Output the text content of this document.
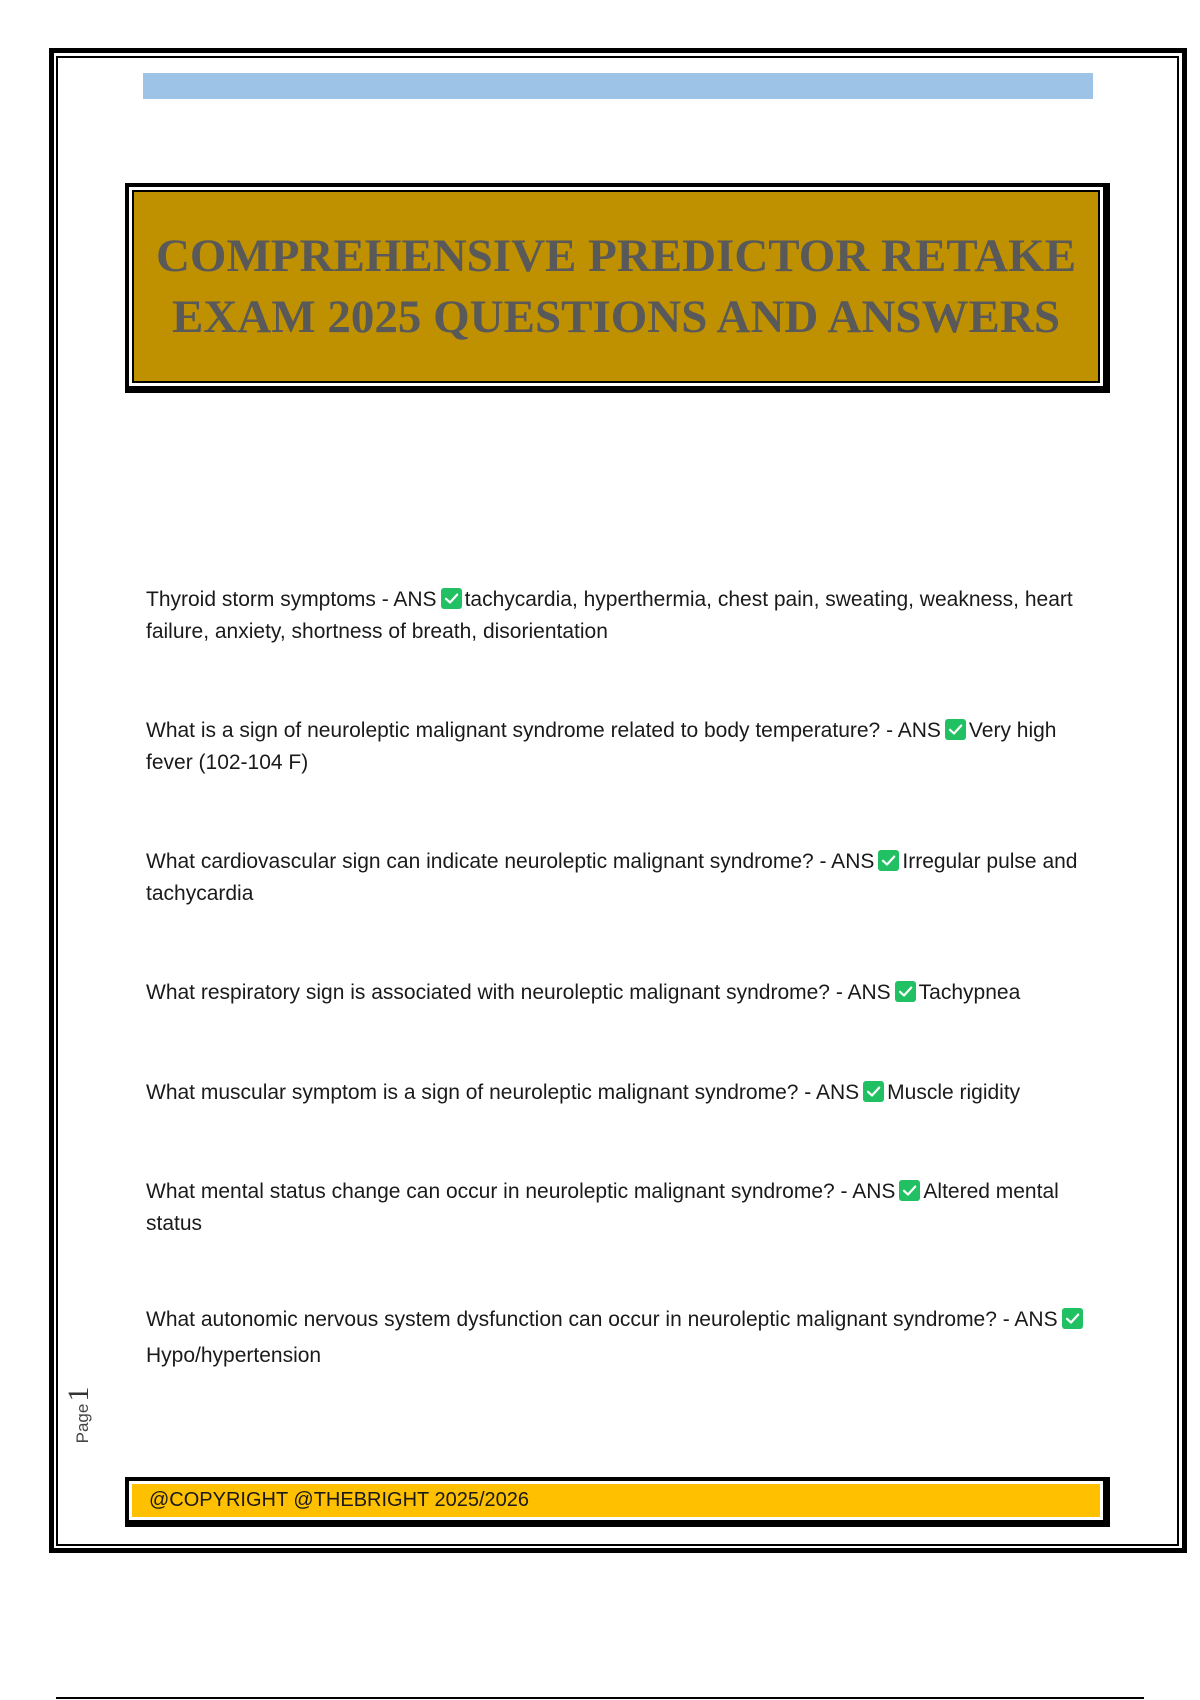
COMPREHENSIVE PREDICTOR RETAKE EXAM 2025 QUESTIONS AND ANSWERS

Thyroid storm symptoms - ANS tachycardia, hyperthermia, chest pain, sweating, weakness, heart failure, anxiety, shortness of breath, disorientation

What is a sign of neuroleptic malignant syndrome related to body temperature? - ANS Very high fever (102-104 F)

What cardiovascular sign can indicate neuroleptic malignant syndrome? - ANS Irregular pulse and tachycardia

What respiratory sign is associated with neuroleptic malignant syndrome? - ANS Tachypnea

What muscular symptom is a sign of neuroleptic malignant syndrome? - ANS Muscle rigidity

What mental status change can occur in neuroleptic malignant syndrome? - ANS Altered mental status

What autonomic nervous system dysfunction can occur in neuroleptic malignant syndrome? - ANS
Hypo/hypertension

Page
1
@COPYRIGHT @THEBRIGHT 2025/2026
